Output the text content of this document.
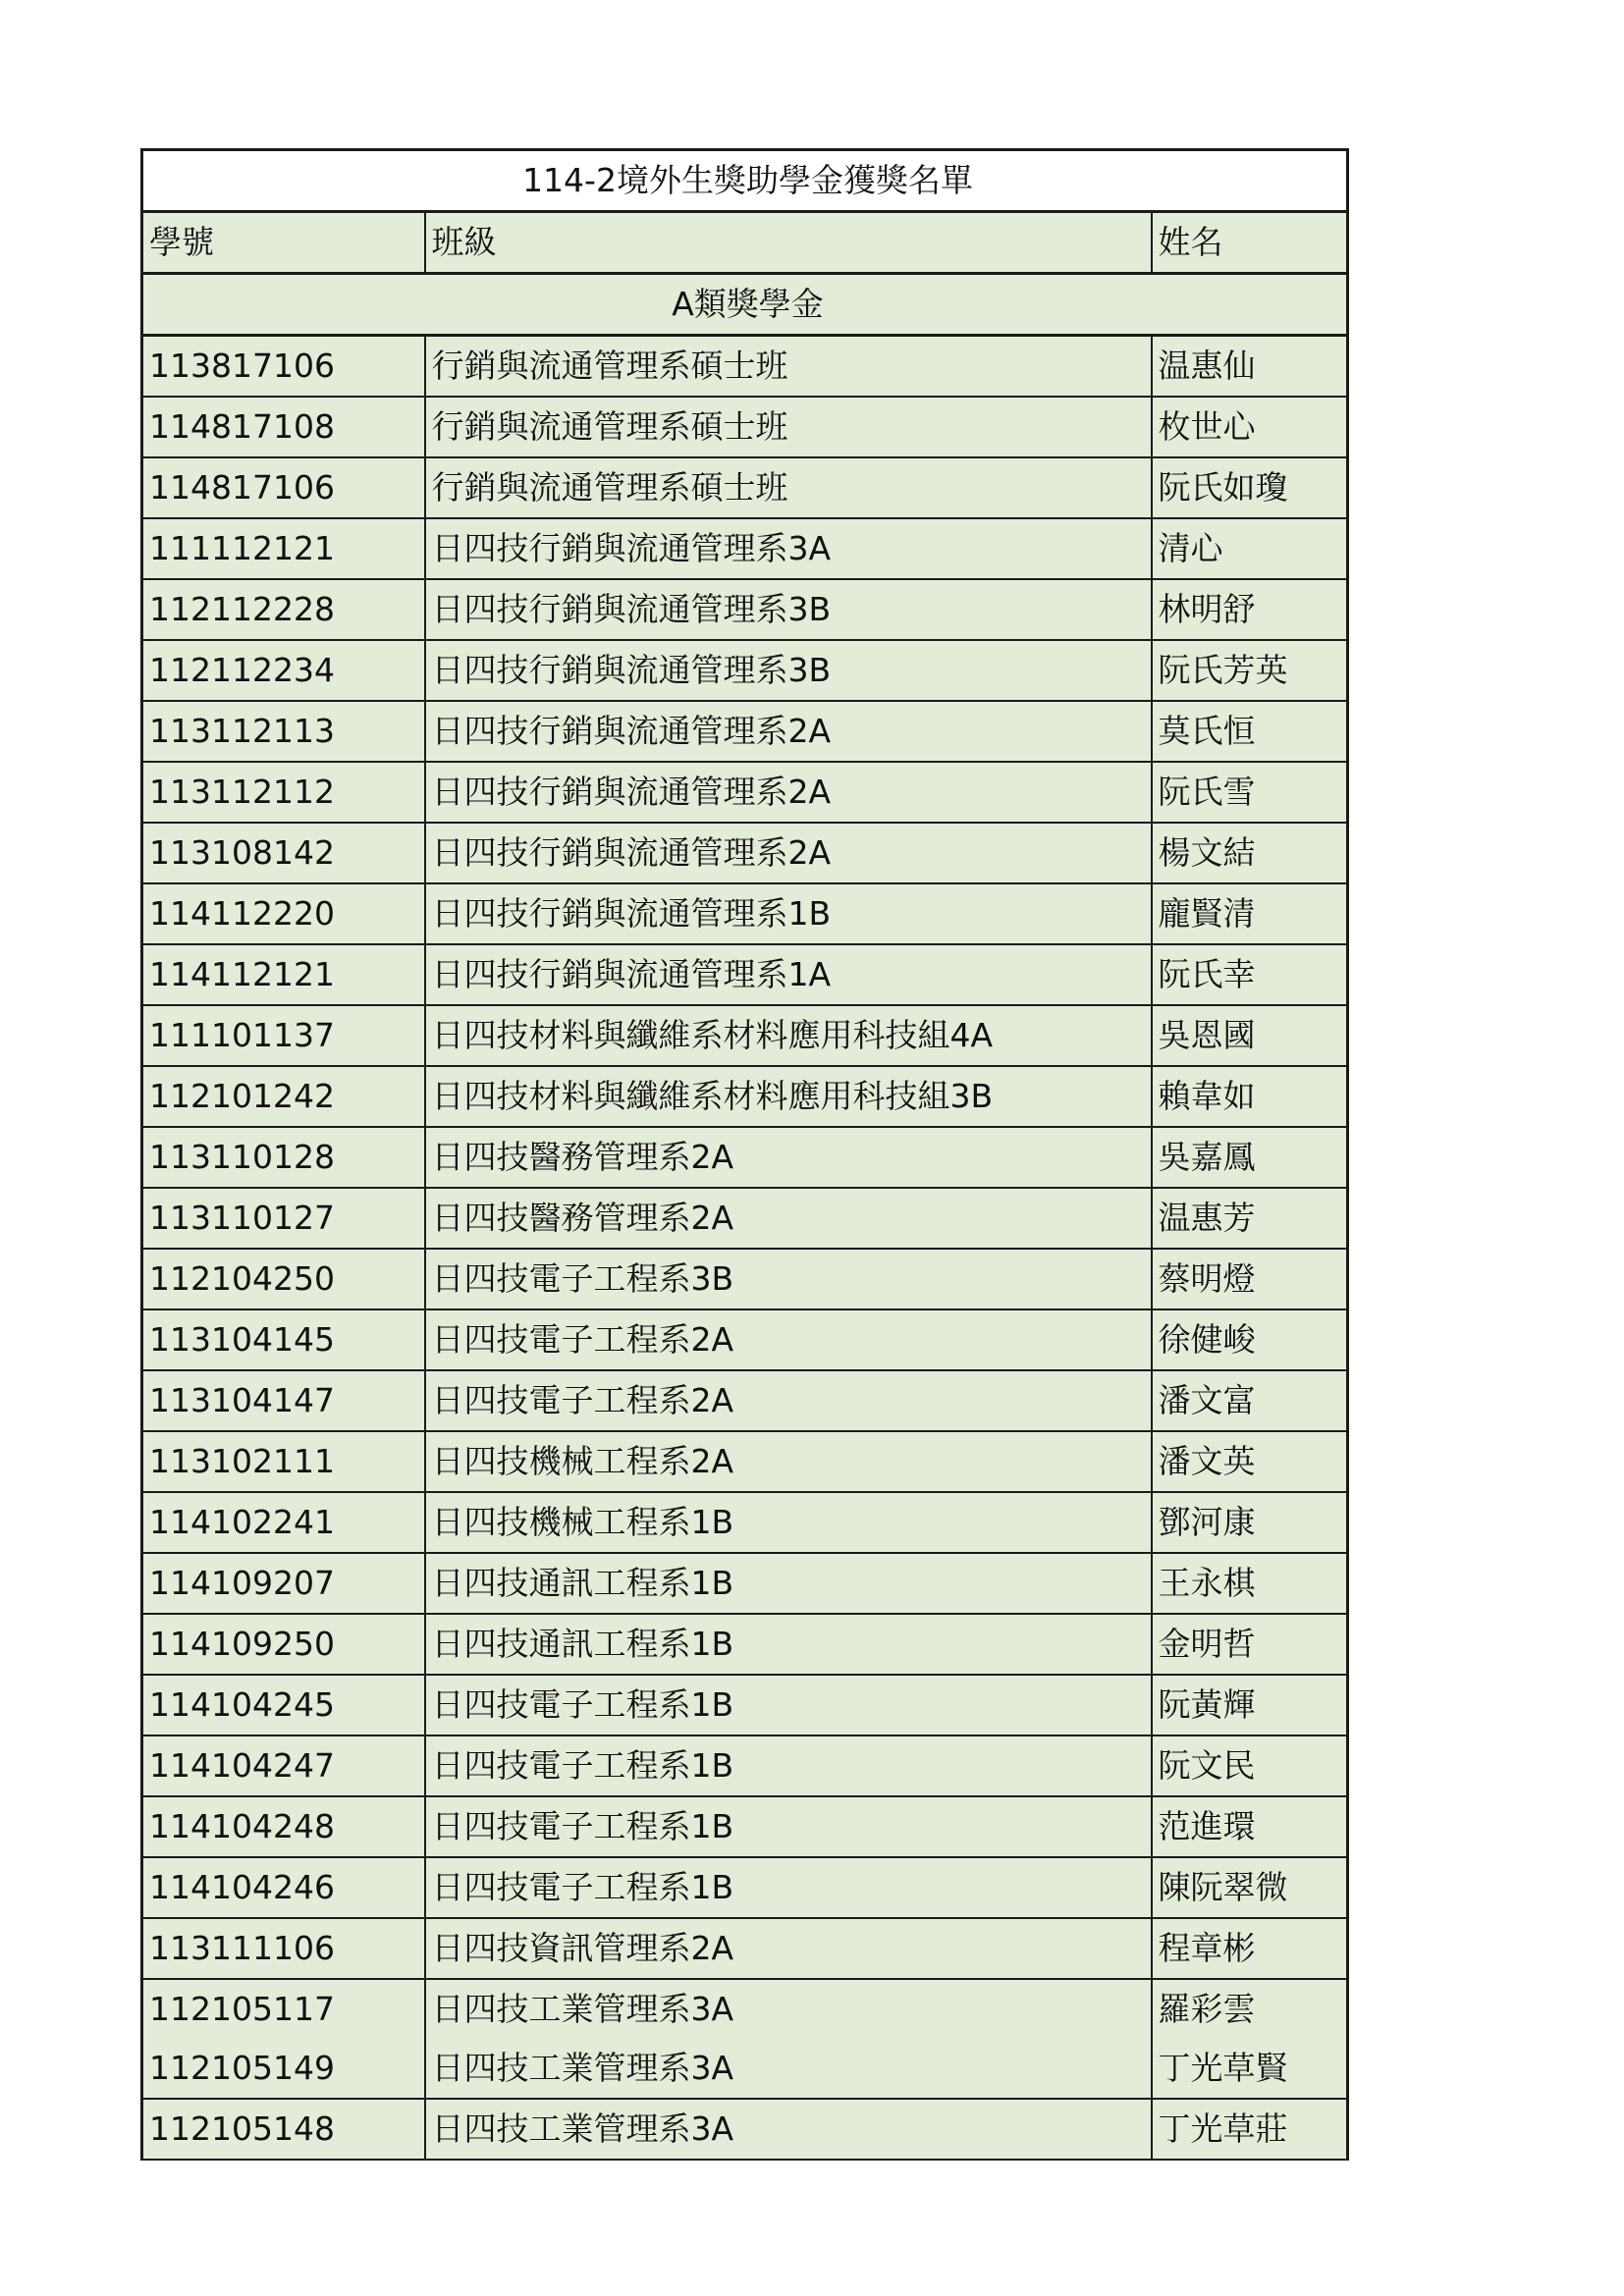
114-2境外生獎助學金獲獎名單		
學號	班級	姓名
A類獎學金		
113817106	行銷與流通管理系碩士班	温惠仙
114817108	行銷與流通管理系碩士班	枚世心
114817106	行銷與流通管理系碩士班	阮氏如瓊
111112121	日四技行銷與流通管理系3A	清心
112112228	日四技行銷與流通管理系3B	林明舒
112112234	日四技行銷與流通管理系3B	阮氏芳英
113112113	日四技行銷與流通管理系2A	莫氏恒
113112112	日四技行銷與流通管理系2A	阮氏雪
113108142	日四技行銷與流通管理系2A	楊文結
114112220	日四技行銷與流通管理系1B	龐賢清
114112121	日四技行銷與流通管理系1A	阮氏幸
111101137	日四技材料與纖維系材料應用科技組4A	吳恩國
112101242	日四技材料與纖維系材料應用科技組3B	賴韋如
113110128	日四技醫務管理系2A	吳嘉鳳
113110127	日四技醫務管理系2A	温惠芳
112104250	日四技電子工程系3B	蔡明燈
113104145	日四技電子工程系2A	徐健峻
113104147	日四技電子工程系2A	潘文富
113102111	日四技機械工程系2A	潘文英
114102241	日四技機械工程系1B	鄧河康
114109207	日四技通訊工程系1B	王永棋
114109250	日四技通訊工程系1B	金明哲
114104245	日四技電子工程系1B	阮黃輝
114104247	日四技電子工程系1B	阮文民
114104248	日四技電子工程系1B	范進環
114104246	日四技電子工程系1B	陳阮翠微
113111106	日四技資訊管理系2A	程章彬
112105117	日四技工業管理系3A	羅彩雲
112105149	日四技工業管理系3A	丁光草賢
112105148	日四技工業管理系3A	丁光草莊
